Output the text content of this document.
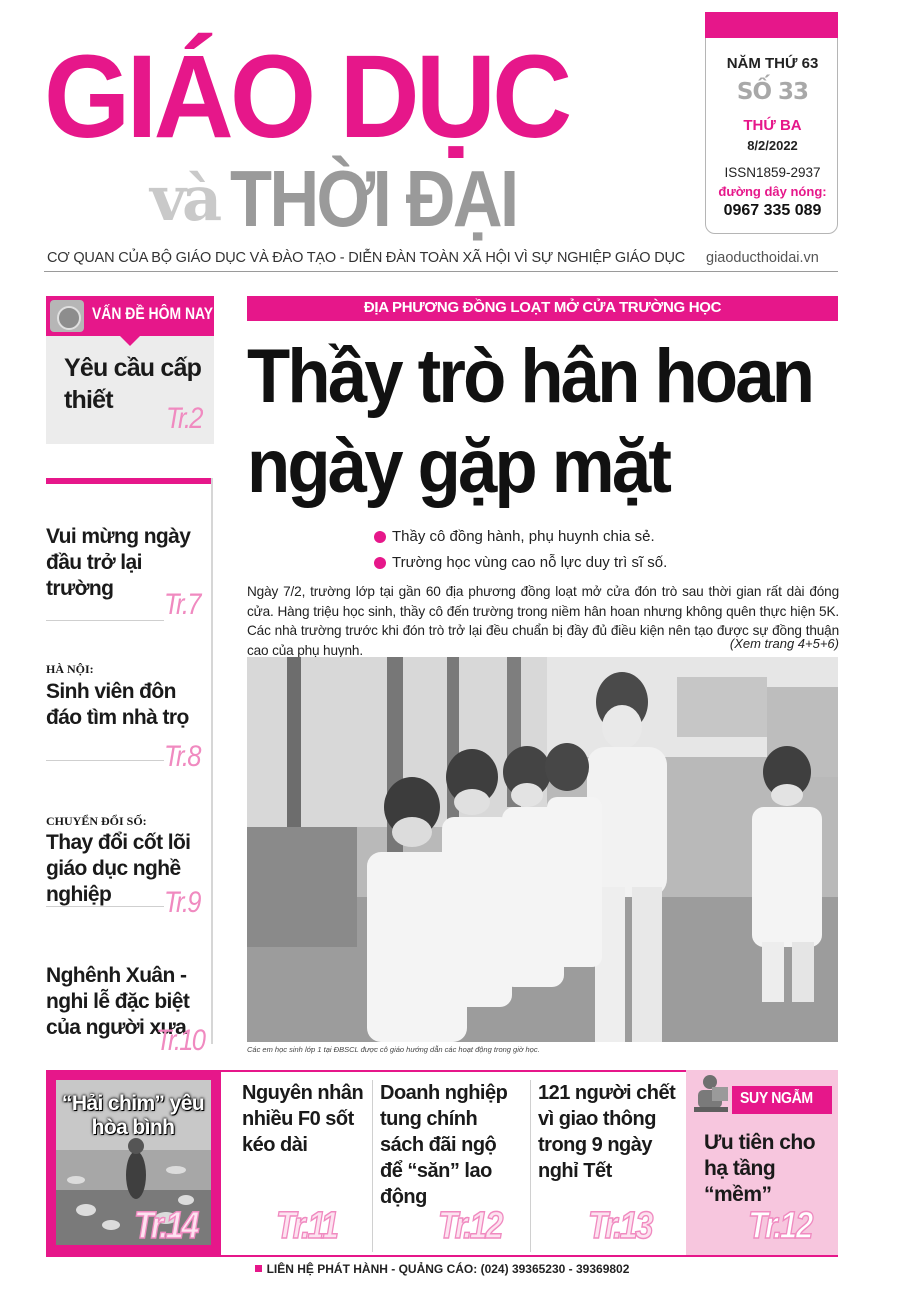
GIÁO DỤC
và THỜI ĐẠI
CƠ QUAN CỦA BỘ GIÁO DỤC VÀ ĐÀO TẠO - DIỄN ĐÀN TOÀN XÃ HỘI VÌ SỰ NGHIỆP GIÁO DỤC giaoducthoidai.vn
NĂM THỨ 63
SỐ 33
THỨ BA
8/2/2022
ISSN1859-2937
đường dây nóng:
0967 335 089
VẤN ĐỀ HÔM NAY
Yêu cầu cấp thiết
Tr.2
Vui mừng ngày đầu trở lại trường	Tr.7
HÀ NỘI:
Sinh viên đôn đáo tìm nhà trọ
Tr.8
CHUYỂN ĐỔI SỐ:
Thay đổi cốt lõi giáo dục nghề nghiệp	Tr.9
Nghênh Xuân - nghi lễ đặc biệt của người xưa
Tr.10
ĐỊA PHƯƠNG ĐỒNG LOẠT MỞ CỬA TRƯỜNG HỌC
Thầy trò hân hoan
ngày gặp mặt
Thầy cô đồng hành, phụ huynh chia sẻ.
Trường học vùng cao nỗ lực duy trì sĩ số.
Ngày 7/2, trường lớp tại gần 60 địa phương đồng loạt mở cửa đón trò sau thời gian rất dài đóng cửa. Hàng triệu học sinh, thầy cô đến trường trong niềm hân hoan nhưng không quên thực hiện 5K. Các nhà trường trước khi đón trò trở lại đều chuẩn bị đầy đủ điều kiện nên tạo được sự đồng thuận cao của phụ huynh.	(Xem trang 4+5+6)
Các em học sinh lớp 1 tại ĐBSCL được cô giáo hướng dẫn các hoạt động trong giờ học.
“Hải chim” yêu hòa bình
Tr.14
Nguyên nhân nhiều F0 sốt kéo dài
Tr.11
Doanh nghiệp tung chính sách đãi ngộ để “săn” lao động
Tr.12
121 người chết vì giao thông trong 9 ngày nghỉ Tết
Tr.13
SUY NGẪM
Ưu tiên cho hạ tầng “mềm”
Tr.12
LIÊN HỆ PHÁT HÀNH - QUẢNG CÁO: (024) 39365230 - 39369802
